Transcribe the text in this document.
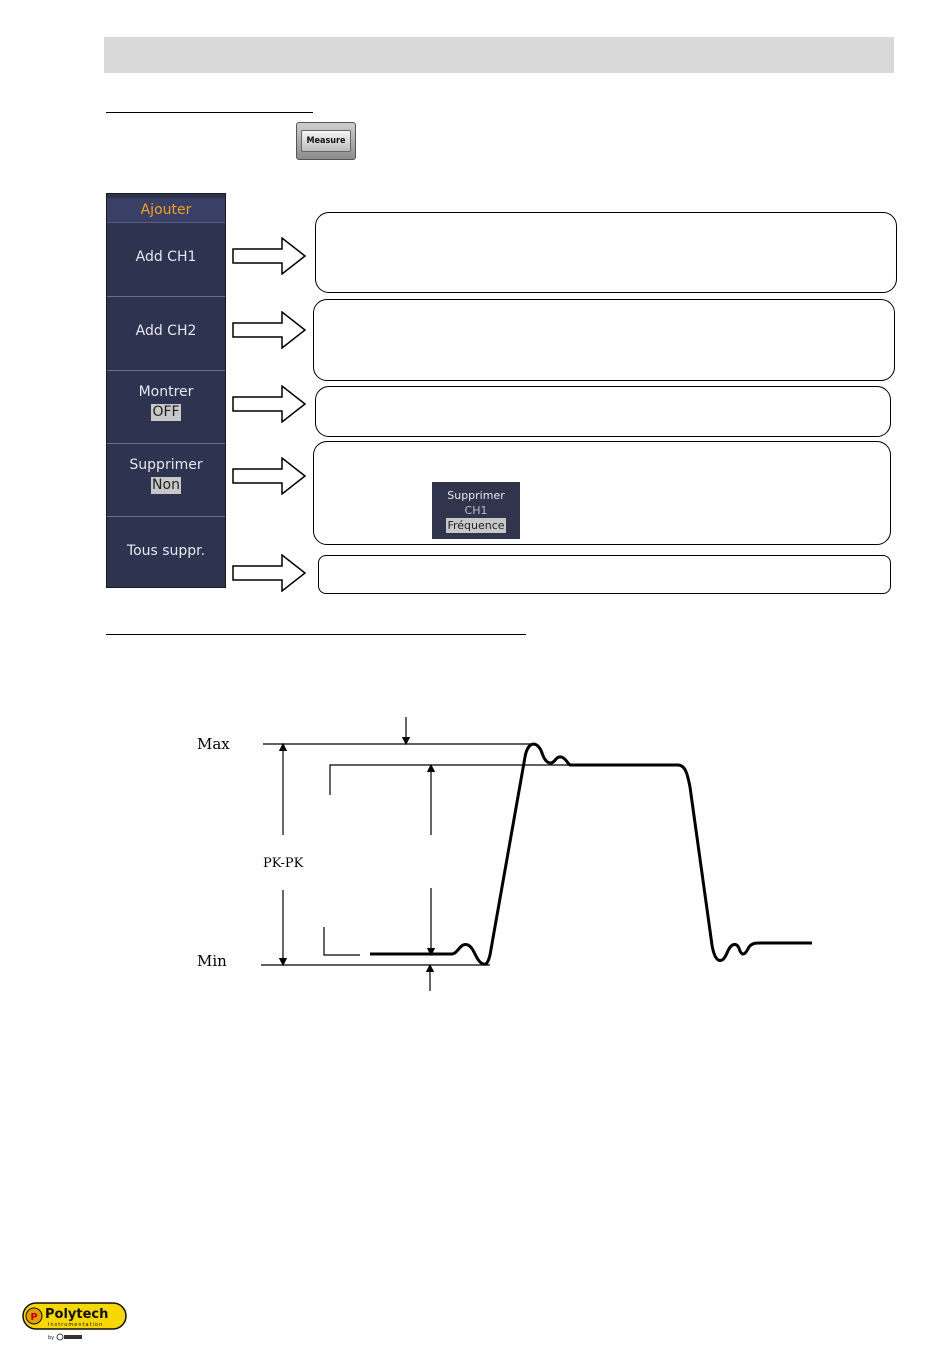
Measure
Ajouter
Add CH1
Add CH2
Montrer
OFF
Supprimer
Non
Tous suppr.
Supprimer
CH1
Fréquence
Max
Min
PK-PK
P Polytech
Instrumentation
by
